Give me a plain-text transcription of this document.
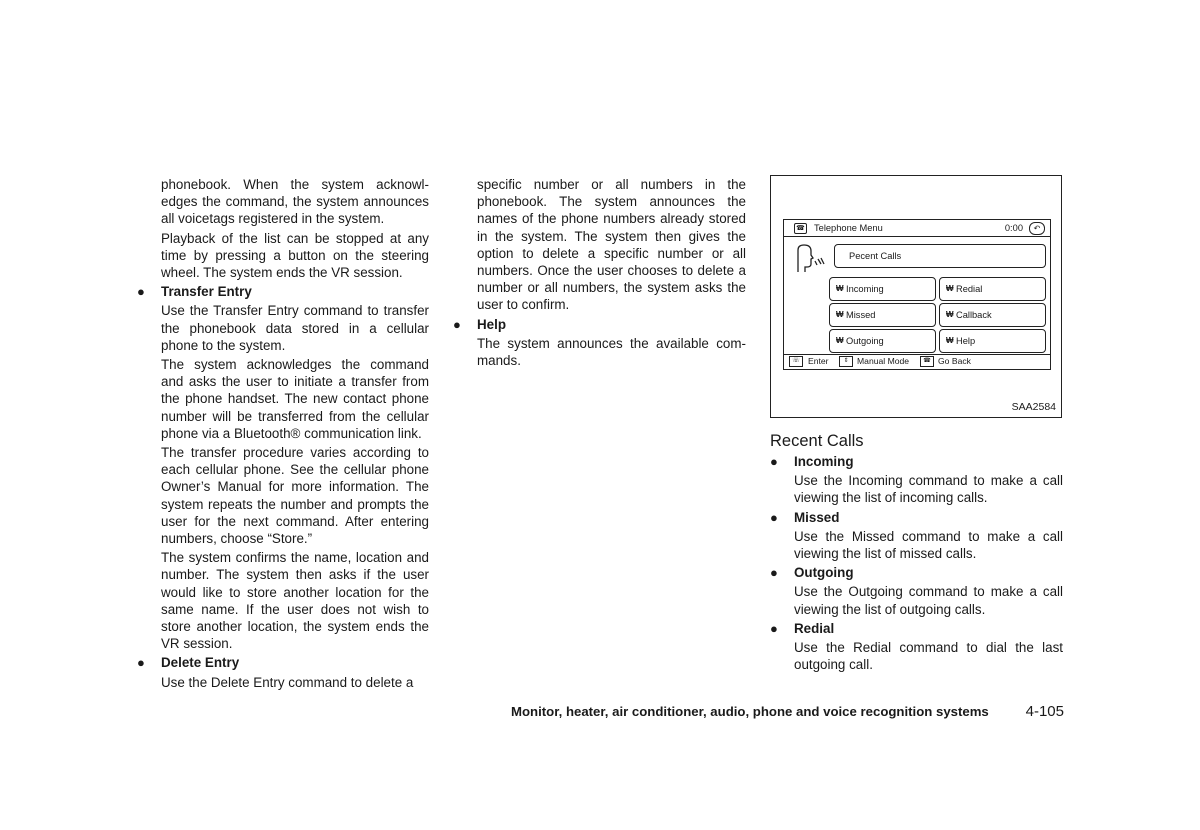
phonebook. When the system acknowl-edges the command, the system announces all voicetags registered in the system.

Playback of the list can be stopped at any time by pressing a button on the steering wheel. The system ends the VR session.

● Transfer Entry

Use the Transfer Entry command to transfer the phonebook data stored in a cellular phone to the system.

The system acknowledges the command and asks the user to initiate a transfer from the phone handset. The new contact phone number will be transferred from the cellular phone via a Bluetooth® communication link.

The transfer procedure varies according to each cellular phone. See the cellular phone Owner’s Manual for more information. The system repeats the number and prompts the user for the next command. After entering numbers, choose “Store.”

The system confirms the name, location and number. The system then asks if the user would like to store another location for the same name. If the user does not wish to store another location, the system ends the VR session.

● Delete Entry

Use the Delete Entry command to delete a

specific number or all numbers in the phonebook. The system announces the names of the phone numbers already stored in the system. The system then gives the option to delete a specific number or all numbers. Once the user chooses to delete a number or all numbers, the system asks the user to confirm.

● Help

The system announces the available com-mands.

☎ Telephone Menu	0:00	↶
Pecent Calls
₩ Incoming	₩ Redial
₩ Missed	₩ Callback
₩ Outgoing	₩ Help
☏ Enter	⇕ Manual Mode	☎ Go Back
SAA2584
Recent Calls
● Incoming

Use the Incoming command to make a call viewing the list of incoming calls.

● Missed

Use the Missed command to make a call viewing the list of missed calls.

● Outgoing

Use the Outgoing command to make a call viewing the list of outgoing calls.

● Redial

Use the Redial command to dial the last outgoing call.

Monitor, heater, air conditioner, audio, phone and voice recognition systems 4-105
